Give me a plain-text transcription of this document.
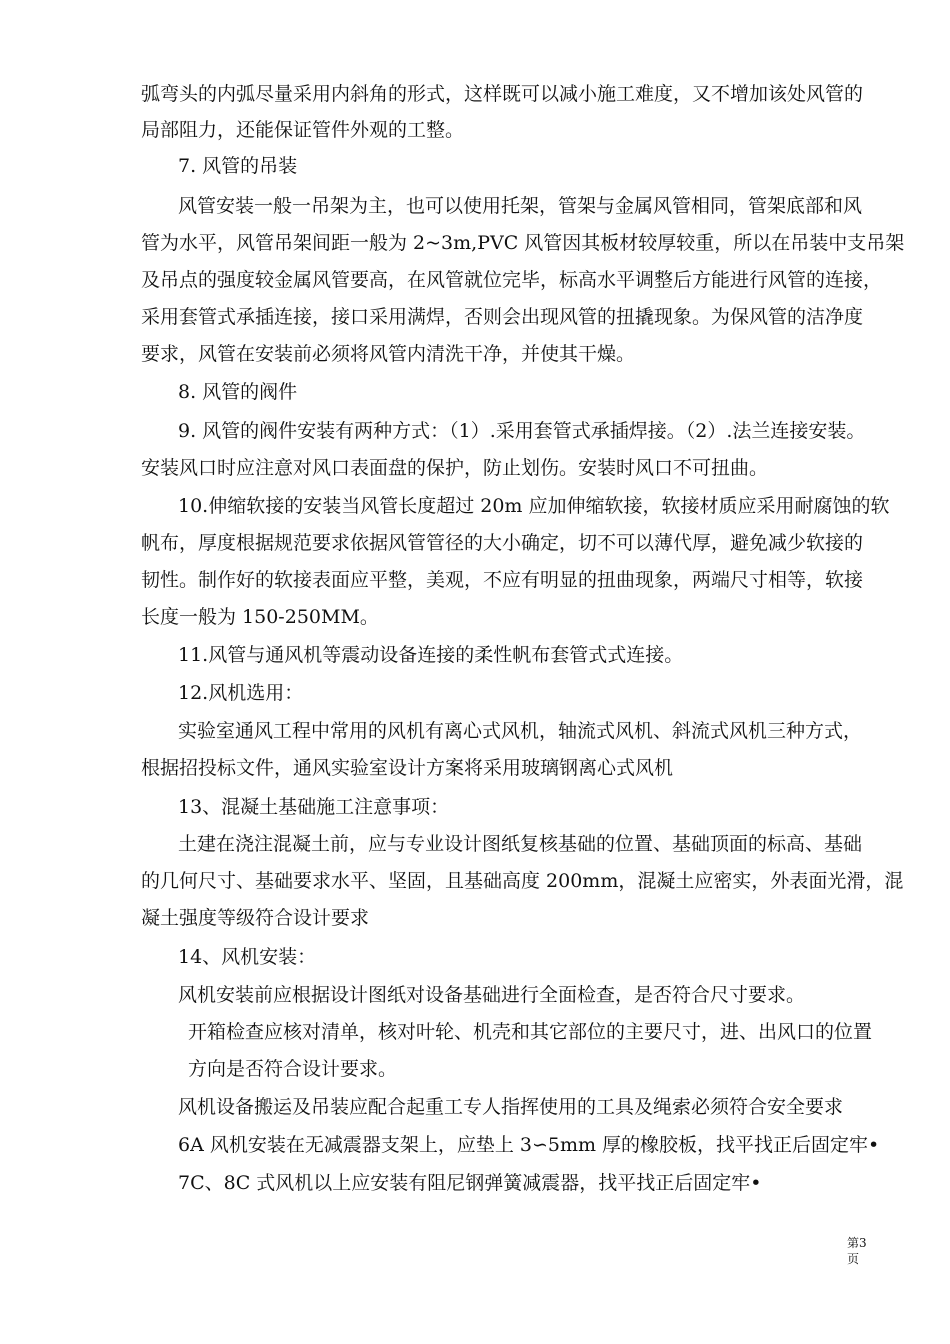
弧弯头的内弧尽量采用内斜角的形式，这样既可以减小施工难度，又不增加该处风管的
局部阻力，还能保证管件外观的工整。
7. 风管的吊装
风管安装一般一吊架为主，也可以使用托架，管架与金属风管相同，管架底部和风
管为水平，风管吊架间距一般为 2~3m,PVC 风管因其板材较厚较重，所以在吊装中支吊架
及吊点的强度较金属风管要高，在风管就位完毕，标高水平调整后方能进行风管的连接，
采用套管式承插连接，接口采用满焊，否则会出现风管的扭撬现象。为保风管的洁净度
要求，风管在安装前必须将风管内清洗干净，并使其干燥。
8. 风管的阀件
9. 风管的阀件安装有两种方式：（1）.采用套管式承插焊接。（2）.法兰连接安装。
安装风口时应注意对风口表面盘的保护，防止划伤。安装时风口不可扭曲。
10.伸缩软接的安装当风管长度超过 20m 应加伸缩软接，软接材质应采用耐腐蚀的软
帆布，厚度根据规范要求依据风管管径的大小确定，切不可以薄代厚，避免减少软接的
韧性。制作好的软接表面应平整，美观，不应有明显的扭曲现象，两端尺寸相等，软接
长度一般为 150-250MM。
11.风管与通风机等震动设备连接的柔性帆布套管式式连接。
12.风机选用：
实验室通风工程中常用的风机有离心式风机，轴流式风机、斜流式风机三种方式，
根据招投标文件，通风实验室设计方案将采用玻璃钢离心式风机
13、混凝土基础施工注意事项：
土建在浇注混凝土前，应与专业设计图纸复核基础的位置、基础顶面的标高、基础
的几何尺寸、基础要求水平、坚固，且基础高度 200mm，混凝土应密实，外表面光滑，混
凝土强度等级符合设计要求
14、风机安装：
风机安装前应根据设计图纸对设备基础进行全面检查，是否符合尺寸要求。
开箱检查应核对清单，核对叶轮、机壳和其它部位的主要尺寸，进、出风口的位置
方向是否符合设计要求。
风机设备搬运及吊装应配合起重工专人指挥使用的工具及绳索必须符合安全要求
6A 风机安装在无减震器支架上，应垫上 3∽5mm 厚的橡胶板，找平找正后固定牢•
7C、8C 式风机以上应安装有阻尼钢弹簧减震器，找平找正后固定牢•
第3
页
